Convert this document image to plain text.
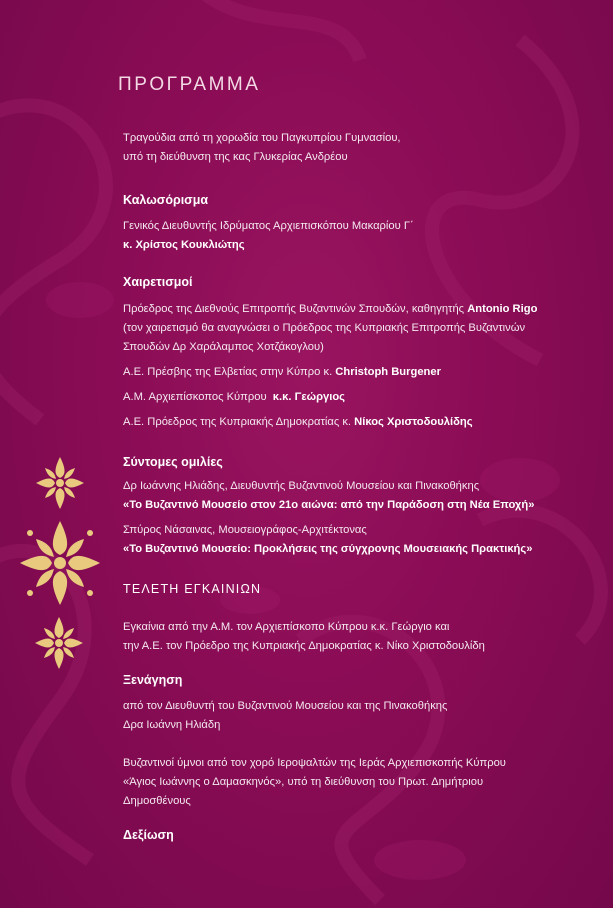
ΠΡΟΓΡΑΜΜΑ
Τραγούδια από τη χορωδία του Παγκυπρίου Γυμνασίου,
υπό τη διεύθυνση της κας Γλυκερίας Ανδρέου
Καλωσόρισμα
Γενικός Διευθυντής Ιδρύματος Αρχιεπισκόπου Μακαρίου Γ΄
κ. Χρίστος Κουκλιώτης
Χαιρετισμοί
Πρόεδρος της Διεθνούς Επιτροπής Βυζαντινών Σπουδών, καθηγητής Antonio Rigo
(τον χαιρετισμό θα αναγνώσει ο Πρόεδρος της Κυπριακής Επιτροπής Βυζαντινών
Σπουδών Δρ Χαράλαμπος Χοτζάκογλου)
Α.Ε. Πρέσβης της Ελβετίας στην Κύπρο κ. Christoph Burgener
Α.Μ. Αρχιεπίσκοπος Κύπρου  κ.κ. Γεώργιος
Α.Ε. Πρόεδρος της Κυπριακής Δημοκρατίας κ. Νίκος Χριστοδουλίδης
Σύντομες ομιλίες
Δρ Ιωάννης Ηλιάδης, Διευθυντής Βυζαντινού Μουσείου και Πινακοθήκης
«Το Βυζαντινό Μουσείο στον 21ο αιώνα: από την Παράδοση στη Νέα Εποχή»
Σπύρος Νάσαινας, Μουσειογράφος-Αρχιτέκτονας
«Το Βυζαντινό Μουσείο: Προκλήσεις της σύγχρονης Μουσειακής Πρακτικής»
ΤΕΛΕΤΗ ΕΓΚΑΙΝΙΩΝ
Εγκαίνια από την Α.Μ. τον Αρχιεπίσκοπο Κύπρου κ.κ. Γεώργιο και
την Α.Ε. τον Πρόεδρο της Κυπριακής Δημοκρατίας κ. Νίκο Χριστοδουλίδη
Ξενάγηση
από τον Διευθυντή του Βυζαντινού Μουσείου και της Πινακοθήκης
Δρα Ιωάννη Ηλιάδη
Βυζαντινοί ύμνοι από τον χορό Ιεροψαλτών της Ιεράς Αρχιεπισκοπής Κύπρου
«Άγιος Ιωάννης ο Δαμασκηνός», υπό τη διεύθυνση του Πρωτ. Δημήτριου
Δημοσθένους
Δεξίωση
